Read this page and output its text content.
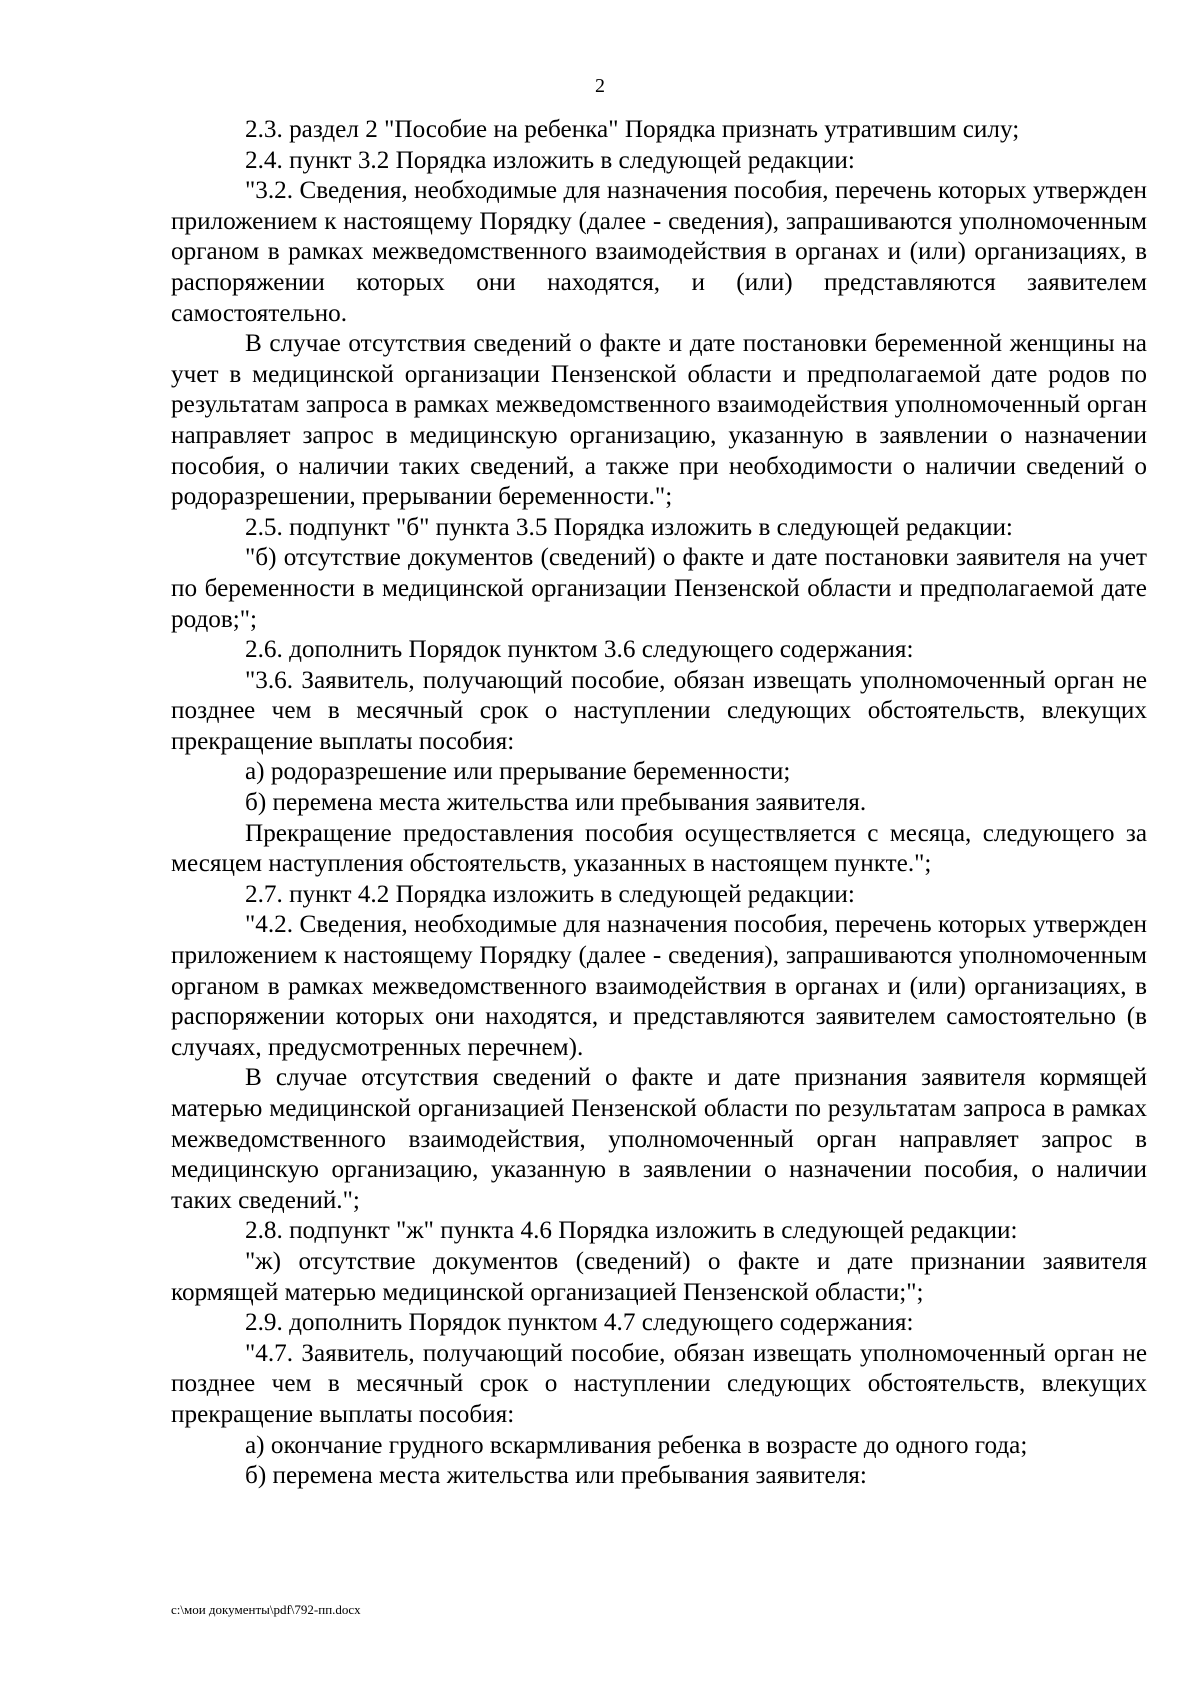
2

2.3. раздел 2 "Пособие на ребенка" Порядка признать утратившим силу;

2.4. пункт 3.2 Порядка изложить в следующей редакции:

"3.2. Сведения, необходимые для назначения пособия, перечень которых утвержден приложением к настоящему Порядку (далее - сведения), запрашиваются уполномоченным органом в рамках межведомственного взаимодействия в органах и (или) организациях, в распоряжении которых они находятся, и (или) представляются заявителем самостоятельно.

В случае отсутствия сведений о факте и дате постановки беременной женщины на учет в медицинской организации Пензенской области и предполагаемой дате родов по результатам запроса в рамках межведомственного взаимодействия уполномоченный орган направляет запрос в медицинскую организацию, указанную в заявлении о назначении пособия, о наличии таких сведений, а также при необходимости о наличии сведений о родоразрешении, прерывании беременности.";

2.5. подпункт "б" пункта 3.5 Порядка изложить в следующей редакции:

"б) отсутствие документов (сведений) о факте и дате постановки заявителя на учет по беременности в медицинской организации Пензенской области и предполагаемой дате родов;";

2.6. дополнить Порядок пунктом 3.6 следующего содержания:

"3.6. Заявитель, получающий пособие, обязан извещать уполномоченный орган не позднее чем в месячный срок о наступлении следующих обстоятельств, влекущих прекращение выплаты пособия:

а) родоразрешение или прерывание беременности;

б) перемена места жительства или пребывания заявителя.

Прекращение предоставления пособия осуществляется с месяца, следующего за месяцем наступления обстоятельств, указанных в настоящем пункте.";

2.7. пункт 4.2 Порядка изложить в следующей редакции:

"4.2. Сведения, необходимые для назначения пособия, перечень которых утвержден приложением к настоящему Порядку (далее - сведения), запрашиваются уполномоченным органом в рамках межведомственного взаимодействия в органах и (или) организациях, в распоряжении которых они находятся, и представляются заявителем самостоятельно (в случаях, предусмотренных перечнем).

В случае отсутствия сведений о факте и дате признания заявителя кормящей матерью медицинской организацией Пензенской области по результатам запроса в рамках межведомственного взаимодействия, уполномоченный орган направляет запрос в медицинскую организацию, указанную в заявлении о назначении пособия, о наличии таких сведений.";

2.8. подпункт "ж" пункта 4.6 Порядка изложить в следующей редакции:

"ж) отсутствие документов (сведений) о факте и дате признании заявителя кормящей матерью медицинской организацией Пензенской области;";

2.9. дополнить Порядок пунктом 4.7 следующего содержания:

"4.7. Заявитель, получающий пособие, обязан извещать уполномоченный орган не позднее чем в месячный срок о наступлении следующих обстоятельств, влекущих прекращение выплаты пособия:

а) окончание грудного вскармливания ребенка в возрасте до одного года;

б) перемена места жительства или пребывания заявителя:

c:\мои документы\pdf\792-пп.docx
